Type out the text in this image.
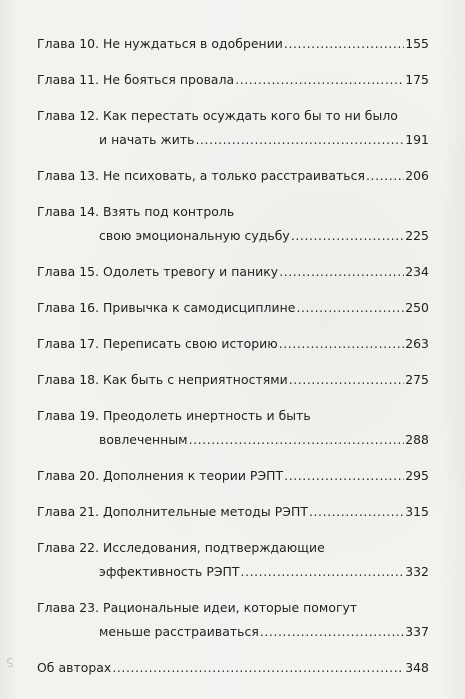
Глава 10. Не нуждаться в одобрении .....	155
Глава 11. Не бояться провала .....	175
Глава 12. Как перестать осуждать кого бы то ни было
и начать жить .....	191
Глава 13. Не психовать, а только расстраиваться .....	206
Глава 14. Взять под контроль
свою эмоциональную судьбу .....	225
Глава 15. Одолеть тревогу и панику .....	234
Глава 16. Привычка к самодисциплине .....	250
Глава 17. Переписать свою историю .....	263
Глава 18. Как быть с неприятностями .....	275
Глава 19. Преодолеть инертность и быть
вовлеченным .....	288
Глава 20. Дополнения к теории РЭПТ .....	295
Глава 21. Дополнительные методы РЭПТ .....	315
Глава 22. Исследования, подтверждающие
эффективность РЭПТ .....	332
Глава 23. Рациональные идеи, которые помогут
меньше расстраиваться .....	337
Об авторах .....	348
5
